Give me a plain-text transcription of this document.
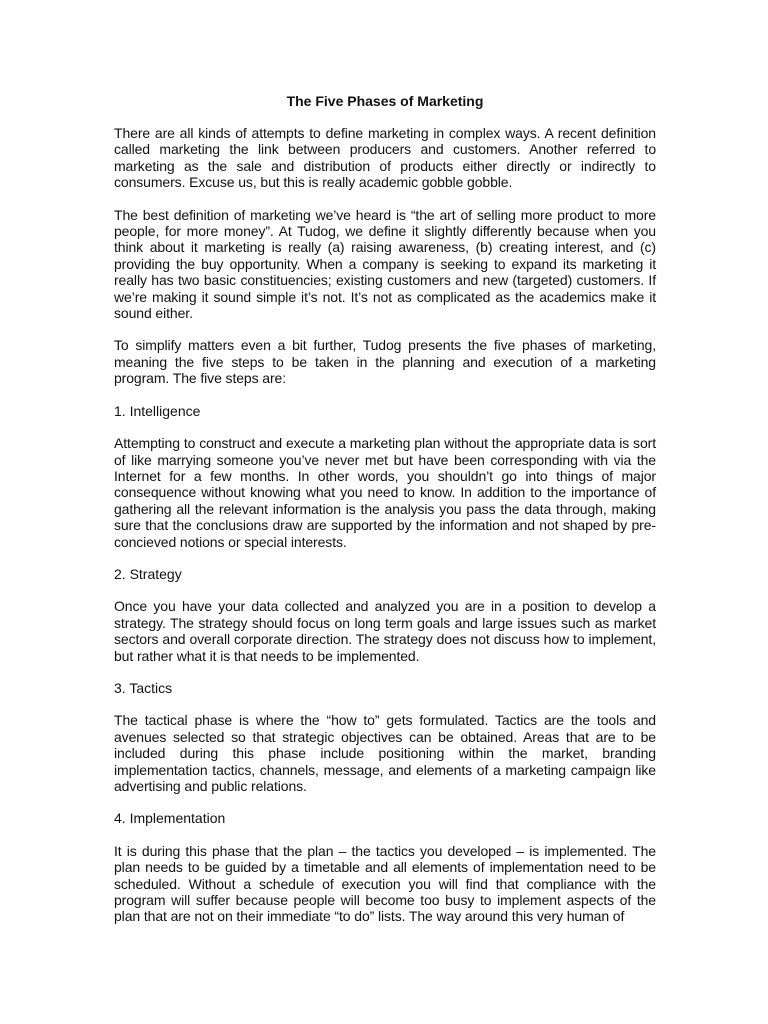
The Five Phases of Marketing

There are all kinds of attempts to define marketing in complex ways. A recent definition called marketing the link between producers and customers. Another referred to marketing as the sale and distribution of products either directly or indirectly to consumers. Excuse us, but this is really academic gobble gobble.

The best definition of marketing we’ve heard is “the art of selling more product to more people, for more money”. At Tudog, we define it slightly differently because when you think about it marketing is really (a) raising awareness, (b) creating interest, and (c) providing the buy opportunity. When a company is seeking to expand its marketing it really has two basic constituencies; existing customers and new (targeted) customers. If we’re making it sound simple it’s not. It’s not as complicated as the academics make it sound either.

To simplify matters even a bit further, Tudog presents the five phases of marketing, meaning the five steps to be taken in the planning and execution of a marketing program. The five steps are:

1. Intelligence

Attempting to construct and execute a marketing plan without the appropriate data is sort of like marrying someone you’ve never met but have been corresponding with via the Internet for a few months. In other words, you shouldn’t go into things of major consequence without knowing what you need to know. In addition to the importance of gathering all the relevant information is the analysis you pass the data through, making sure that the conclusions draw are supported by the information and not shaped by pre-concieved notions or special interests.

2. Strategy

Once you have your data collected and analyzed you are in a position to develop a strategy. The strategy should focus on long term goals and large issues such as market sectors and overall corporate direction. The strategy does not discuss how to implement, but rather what it is that needs to be implemented.

3. Tactics

The tactical phase is where the “how to” gets formulated. Tactics are the tools and avenues selected so that strategic objectives can be obtained. Areas that are to be included during this phase include positioning within the market, branding implementation tactics, channels, message, and elements of a marketing campaign like advertising and public relations.

4. Implementation

It is during this phase that the plan – the tactics you developed – is implemented. The plan needs to be guided by a timetable and all elements of implementation need to be scheduled. Without a schedule of execution you will find that compliance with the program will suffer because people will become too busy to implement aspects of the plan that are not on their immediate “to do” lists. The way around this very human of
